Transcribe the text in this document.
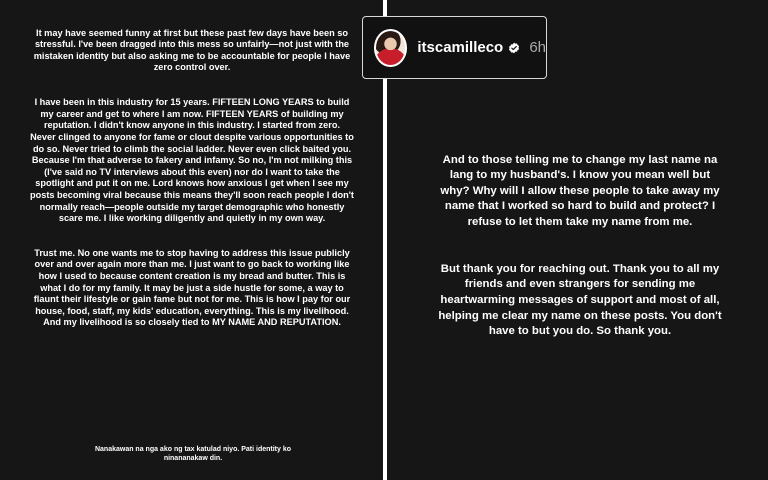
It may have seemed funny at first but these past few days have been so stressful. I've been dragged into this mess so unfairly—not just with the mistaken identity but also asking me to be accountable for people I have zero control over.

I have been in this industry for 15 years. FIFTEEN LONG YEARS to build my career and get to where I am now. FIFTEEN YEARS of building my reputation. I didn't know anyone in this industry. I started from zero. Never clinged to anyone for fame or clout despite various opportunities to do so. Never tried to climb the social ladder. Never even click baited you. Because I'm that adverse to fakery and infamy. So no, I'm not milking this (I've said no TV interviews about this even) nor do I want to take the spotlight and put it on me. Lord knows how anxious I get when I see my posts becoming viral because this means they'll soon reach people I don't normally reach—people outside my target demographic who honestly scare me. I like working diligently and quietly in my own way.

Trust me. No one wants me to stop having to address this issue publicly over and over again more than me. I just want to go back to working like how I used to because content creation is my bread and butter. This is what I do for my family. It may be just a side hustle for some, a way to flaunt their lifestyle or gain fame but not for me. This is how I pay for our house, food, staff, my kids' education, everything. This is my livelihood. And my livelihood is so closely tied to MY NAME AND REPUTATION.

Nanakawan na nga ako ng tax katulad niyo. Pati identity ko ninananakaw din.

And to those telling me to change my last name na lang to my husband's. I know you mean well but why? Why will I allow these people to take away my name that I worked so hard to build and protect? I refuse to let them take my name from me.

But thank you for reaching out. Thank you to all my friends and even strangers for sending me heartwarming messages of support and most of all, helping me clear my name on these posts. You don't have to but you do. So thank you.

itscamilleco 6h
